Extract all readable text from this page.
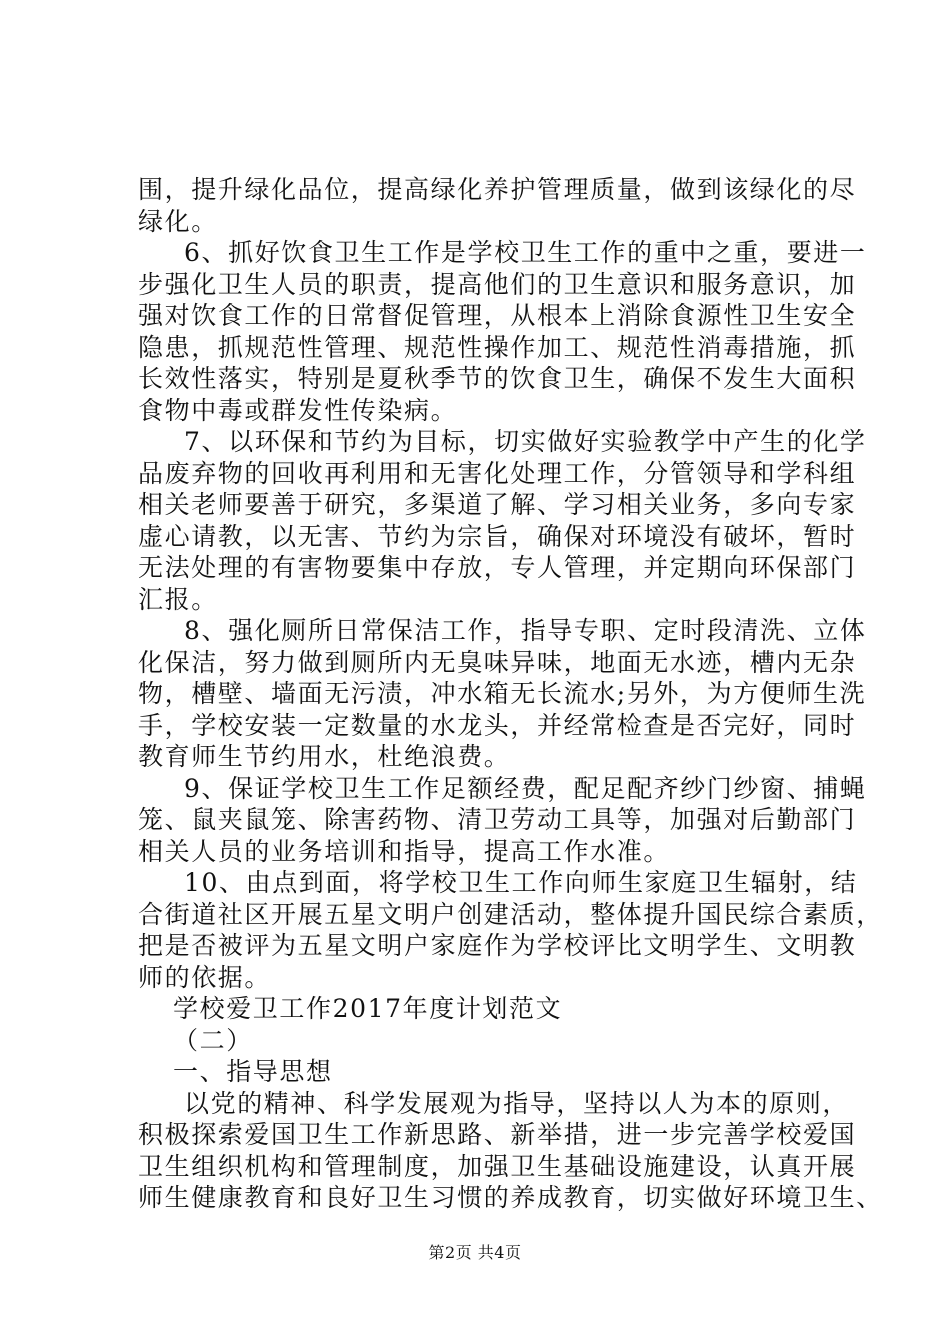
围，提升绿化品位，提高绿化养护管理质量，做到该绿化的尽
绿化。
6、抓好饮食卫生工作是学校卫生工作的重中之重，要进一
步强化卫生人员的职责，提高他们的卫生意识和服务意识，加
强对饮食工作的日常督促管理，从根本上消除食源性卫生安全
隐患，抓规范性管理、规范性操作加工、规范性消毒措施，抓
长效性落实，特别是夏秋季节的饮食卫生，确保不发生大面积
食物中毒或群发性传染病。
7、以环保和节约为目标，切实做好实验教学中产生的化学
品废弃物的回收再利用和无害化处理工作，分管领导和学科组
相关老师要善于研究，多渠道了解、学习相关业务，多向专家
虚心请教，以无害、节约为宗旨，确保对环境没有破坏，暂时
无法处理的有害物要集中存放，专人管理，并定期向环保部门
汇报。
8、强化厕所日常保洁工作，指导专职、定时段清洗、立体
化保洁，努力做到厕所内无臭味异味，地面无水迹，槽内无杂
物，槽壁、墙面无污渍，冲水箱无长流水;另外，为方便师生洗
手，学校安装一定数量的水龙头，并经常检查是否完好，同时
教育师生节约用水，杜绝浪费。
9、保证学校卫生工作足额经费，配足配齐纱门纱窗、捕蝇
笼、鼠夹鼠笼、除害药物、清卫劳动工具等，加强对后勤部门
相关人员的业务培训和指导，提高工作水准。
10、由点到面，将学校卫生工作向师生家庭卫生辐射，结
合街道社区开展五星文明户创建活动，整体提升国民综合素质，
把是否被评为五星文明户家庭作为学校评比文明学生、文明教
师的依据。
学校爱卫工作2017年度计划范文
（二）
一、指导思想
以党的精神、科学发展观为指导，坚持以人为本的原则，
积极探索爱国卫生工作新思路、新举措，进一步完善学校爱国
卫生组织机构和管理制度，加强卫生基础设施建设，认真开展
师生健康教育和良好卫生习惯的养成教育，切实做好环境卫生、
第2页 共4页
